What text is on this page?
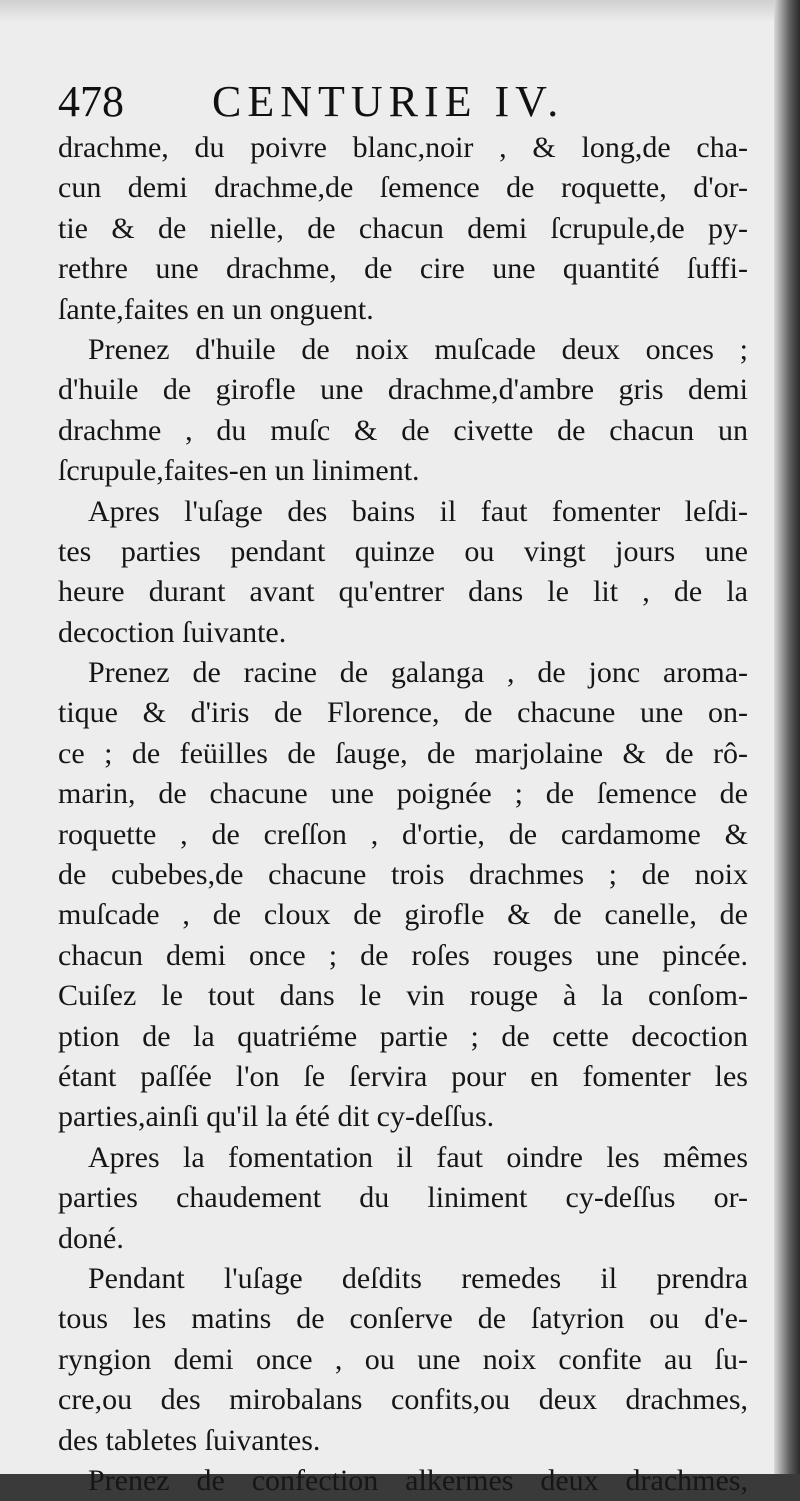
478 CENTURIE IV.
drachme, du poivre blanc,noir , & long,de cha-
cun demi drachme,de ſemence de roquette, d'or-
tie & de nielle, de chacun demi ſcrupule,de py-
rethre une drachme, de cire une quantité ſuffi-
ſante,faites en un onguent.
Prenez d'huile de noix muſcade deux onces ;
d'huile de girofle une drachme,d'ambre gris demi
drachme , du muſc & de civette de chacun un
ſcrupule,faites-en un liniment.
Apres l'uſage des bains il faut fomenter leſdi-
tes parties pendant quinze ou vingt jours une
heure durant avant qu'entrer dans le lit , de la
decoction ſuivante.
Prenez de racine de galanga , de jonc aroma-
tique & d'iris de Florence, de chacune une on-
ce ; de feüilles de ſauge, de marjolaine & de rô-
marin, de chacune une poignée ; de ſemence de
roquette , de creſſon , d'ortie, de cardamome &
de cubebes,de chacune trois drachmes ; de noix
muſcade , de cloux de girofle & de canelle, de
chacun demi once ; de roſes rouges une pincée.
Cuiſez le tout dans le vin rouge à la conſom-
ption de la quatriéme partie ; de cette decoction
étant paſſée l'on ſe ſervira pour en fomenter les
parties,ainſi qu'il la été dit cy-deſſus.
Apres la fomentation il faut oindre les mêmes
parties chaudement du liniment cy-deſſus or-
doné.
Pendant l'uſage deſdits remedes il prendra
tous les matins de conſerve de ſatyrion ou d'e-
ryngion demi once , ou une noix confite au ſu-
cre,ou des mirobalans confits,ou deux drachmes,
des tabletes ſuivantes.
Prenez de confection alkermes deux drachmes,
